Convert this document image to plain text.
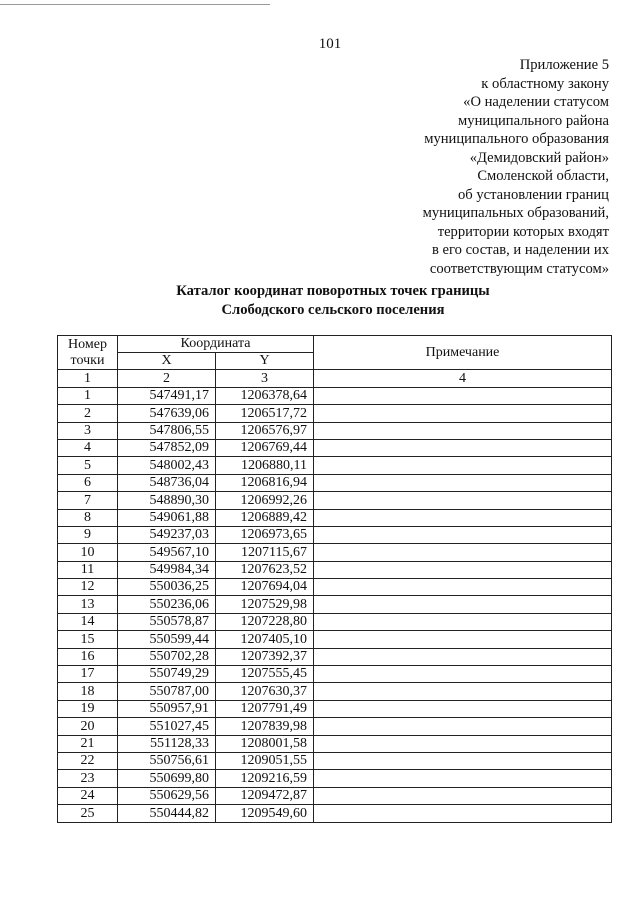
101
Приложение 5
к областному закону
«О наделении статусом
муниципального района
муниципального образования
«Демидовский район»
Смоленской области,
об установлении границ
муниципальных образований,
территории которых входят
в его состав, и наделении их
соответствующим статусом»
Каталог координат поворотных точек границы
Слободского сельского поселения
Номер
точки	Координата		Примечание
	X	Y	
1	2	3	4
1	547491,17	1206378,64	
2	547639,06	1206517,72	
3	547806,55	1206576,97	
4	547852,09	1206769,44	
5	548002,43	1206880,11	
6	548736,04	1206816,94	
7	548890,30	1206992,26	
8	549061,88	1206889,42	
9	549237,03	1206973,65	
10	549567,10	1207115,67	
11	549984,34	1207623,52	
12	550036,25	1207694,04	
13	550236,06	1207529,98	
14	550578,87	1207228,80	
15	550599,44	1207405,10	
16	550702,28	1207392,37	
17	550749,29	1207555,45	
18	550787,00	1207630,37	
19	550957,91	1207791,49	
20	551027,45	1207839,98	
21	551128,33	1208001,58	
22	550756,61	1209051,55	
23	550699,80	1209216,59	
24	550629,56	1209472,87	
25	550444,82	1209549,60	
